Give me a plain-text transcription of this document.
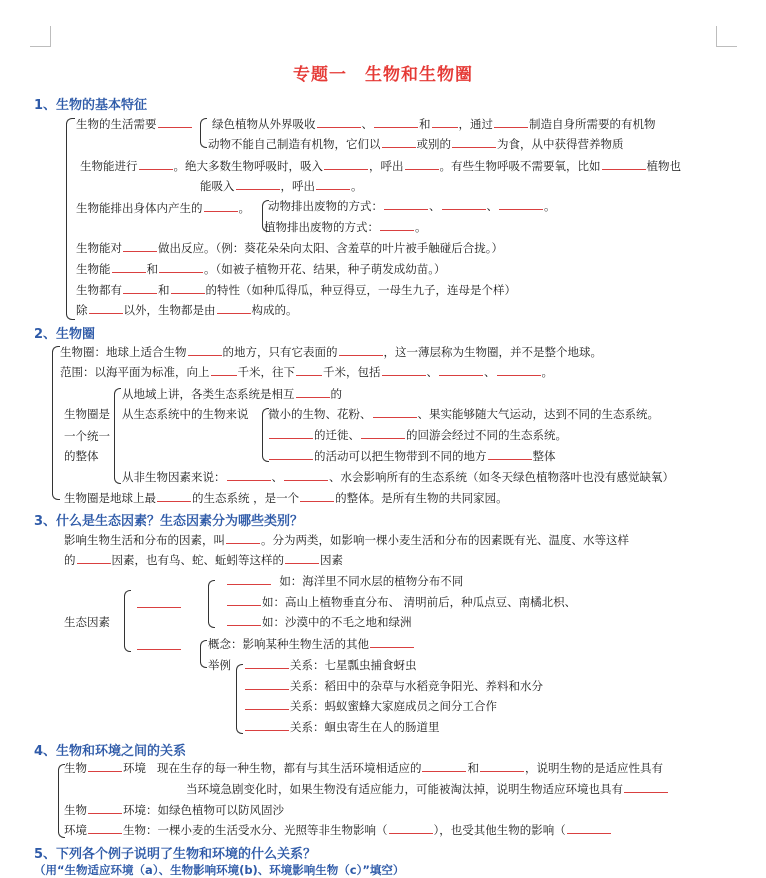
专题一　生物和生物圈
1、生物的基本特征
生物的生活需要	绿色植物从外界吸收	、	和 ，通过	制造自身所需要的有机物
动物不能自己制造有机物，它们以	或别的	为食，从中获得营养物质
生物能进行	。绝大多数生物呼吸时，吸入	，呼出	。有些生物呼吸不需要氧，比如	植物也
能吸入	，呼出	。
生物能排出身体内产生的	。 动物排出废物的方式：	、	、	。
植物排出废物的方式：	。
生物能对	做出反应。（例：葵花朵朵向太阳、含羞草的叶片被手触碰后合拢。）
生物能	和	。（如被子植物开花、结果，种子萌发成幼苗。）
生物都有	和	的特性（如种瓜得瓜，种豆得豆，一母生九子，连母是个样）
除	以外，生物都是由	构成的。
2、生物圈
生物圈：地球上适合生物	的地方，只有它表面的	，这一薄层称为生物圈，并不是整个地球。
范围：以海平面为标准，向上 千米，往下 千米，包括	、	、	。
生物圈是
一个统一
的整体
从地域上讲，各类生态系统是相互	的
从生态系统中的生物来说 微小的生物、花粉、	、果实能够随大气运动，达到不同的生态系统。
的迁徙、	的回游会经过不同的生态系统。
的活动可以把生物带到不同的地方	整体
从非生物因素来说：	、	、水会影响所有的生态系统（如冬天绿色植物落叶也没有感觉缺氧）
生物圈是地球上最	的生态系统 ，是一个	的整体。是所有生物的共同家园。
3、什么是生态因素？生态因素分为哪些类别？
影响生物生活和分布的因素，叫	。分为两类，如影响一棵小麦生活和分布的因素既有光、温度、水等这样
的	因素，也有鸟、蛇、蚯蚓等这样的	因素
生态因素
如：海洋里不同水层的植物分布不同
如：高山上植物垂直分布、 清明前后，种瓜点豆、南橘北枳、
如：沙漠中的不毛之地和绿洲
概念：影响某种生物生活的其他
举例	关系：七星瓢虫捕食蚜虫
关系：稻田中的杂草与水稻竞争阳光、养料和水分
关系：蚂蚁蜜蜂大家庭成员之间分工合作
关系：蛔虫寄生在人的肠道里
4、生物和环境之间的关系
生物	环境 现在生存的每一种生物，都有与其生活环境相适应的	和	，说明生物的是适应性具有
当环境急剧变化时，如果生物没有适应能力，可能被淘汰掉，说明生物适应环境也具有
生物	环境：如绿色植物可以防风固沙
环境	生物：一棵小麦的生活受水分、光照等非生物影响（	），也受其他生物的影响（
5、下列各个例子说明了生物和环境的什么关系？
（用“生物适应环境（a）、生物影响环境(b)、环境影响生物（c）”填空）
